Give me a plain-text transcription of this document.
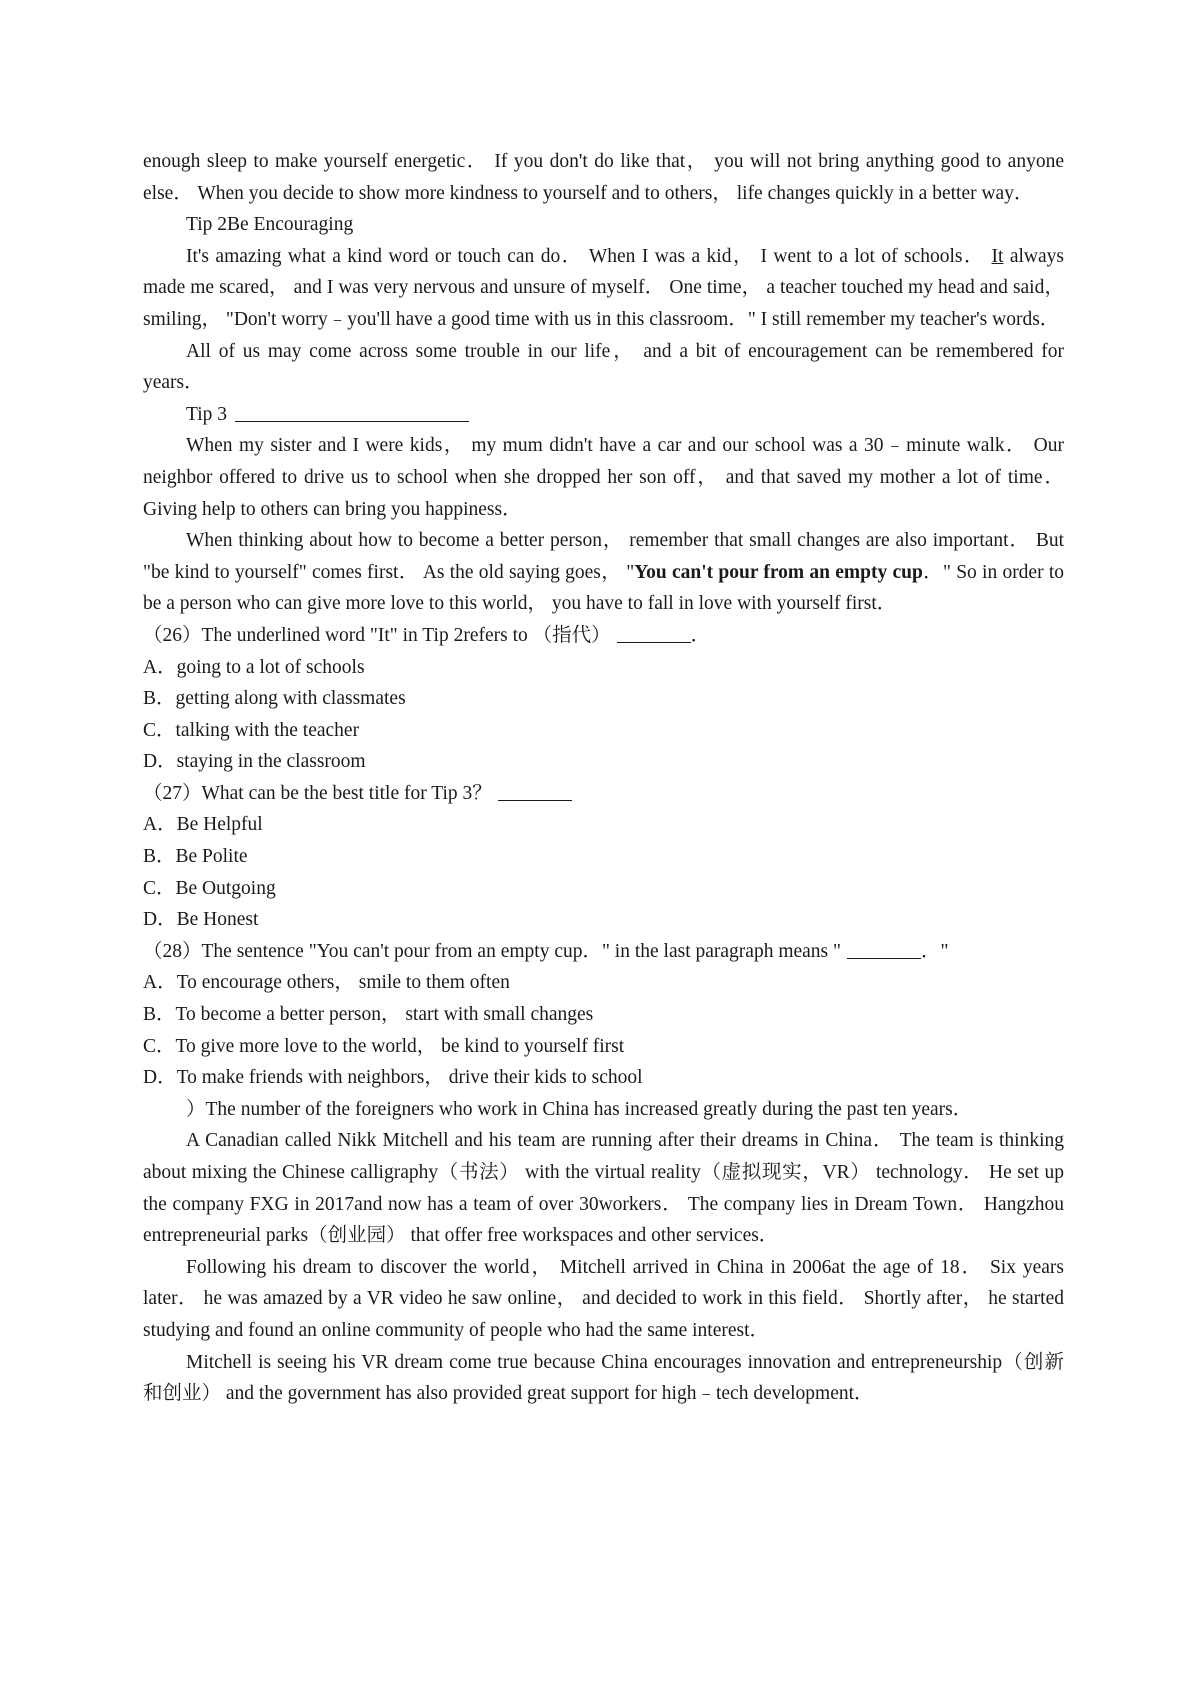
enough sleep to make yourself energetic． If you don't do like that， you will not bring anything good to anyone else． When you decide to show more kindness to yourself and to others， life changes quickly in a better way．

Tip 2Be Encouraging

It's amazing what a kind word or touch can do． When I was a kid， I went to a lot of schools． It always made me scared， and I was very nervous and unsure of myself． One time， a teacher touched my head and said， smiling， "Don't worry﹣you'll have a good time with us in this classroom．" I still remember my teacher's words．

All of us may come across some trouble in our life， and a bit of encouragement can be remembered for years．

Tip 3

When my sister and I were kids， my mum didn't have a car and our school was a 30﹣minute walk． Our neighbor offered to drive us to school when she dropped her son off， and that saved my mother a lot of time． Giving help to others can bring you happiness．

When thinking about how to become a better person， remember that small changes are also important． But "be kind to yourself" comes first． As the old saying goes， "You can't pour from an empty cup．" So in order to be a person who can give more love to this world， you have to fall in love with yourself first．

（26）The underlined word "It" in Tip 2refers to （指代）	．

A．going to a lot of schools

B．getting along with classmates

C．talking with the teacher

D．staying in the classroom

（27）What can be the best title for Tip 3？

A．Be Helpful

B．Be Polite

C．Be Outgoing

D．Be Honest

（28）The sentence "You can't pour from an empty cup．" in the last paragraph means "	．"

A．To encourage others， smile to them often

B．To become a better person， start with small changes

C．To give more love to the world， be kind to yourself first

D．To make friends with neighbors， drive their kids to school

）The number of the foreigners who work in China has increased greatly during the past ten years．

A Canadian called Nikk Mitchell and his team are running after their dreams in China． The team is thinking about mixing the Chinese calligraphy（书法） with the virtual reality（虚拟现实，VR） technology． He set up the company FXG in 2017and now has a team of over 30workers． The company lies in Dream Town． Hangzhou entrepreneurial parks（创业园） that offer free workspaces and other services．

Following his dream to discover the world， Mitchell arrived in China in 2006at the age of 18． Six years later． he was amazed by a VR video he saw online， and decided to work in this field． Shortly after， he started studying and found an online community of people who had the same interest．

Mitchell is seeing his VR dream come true because China encourages innovation and entrepreneurship（创新和创业） and the government has also provided great support for high﹣tech development．
